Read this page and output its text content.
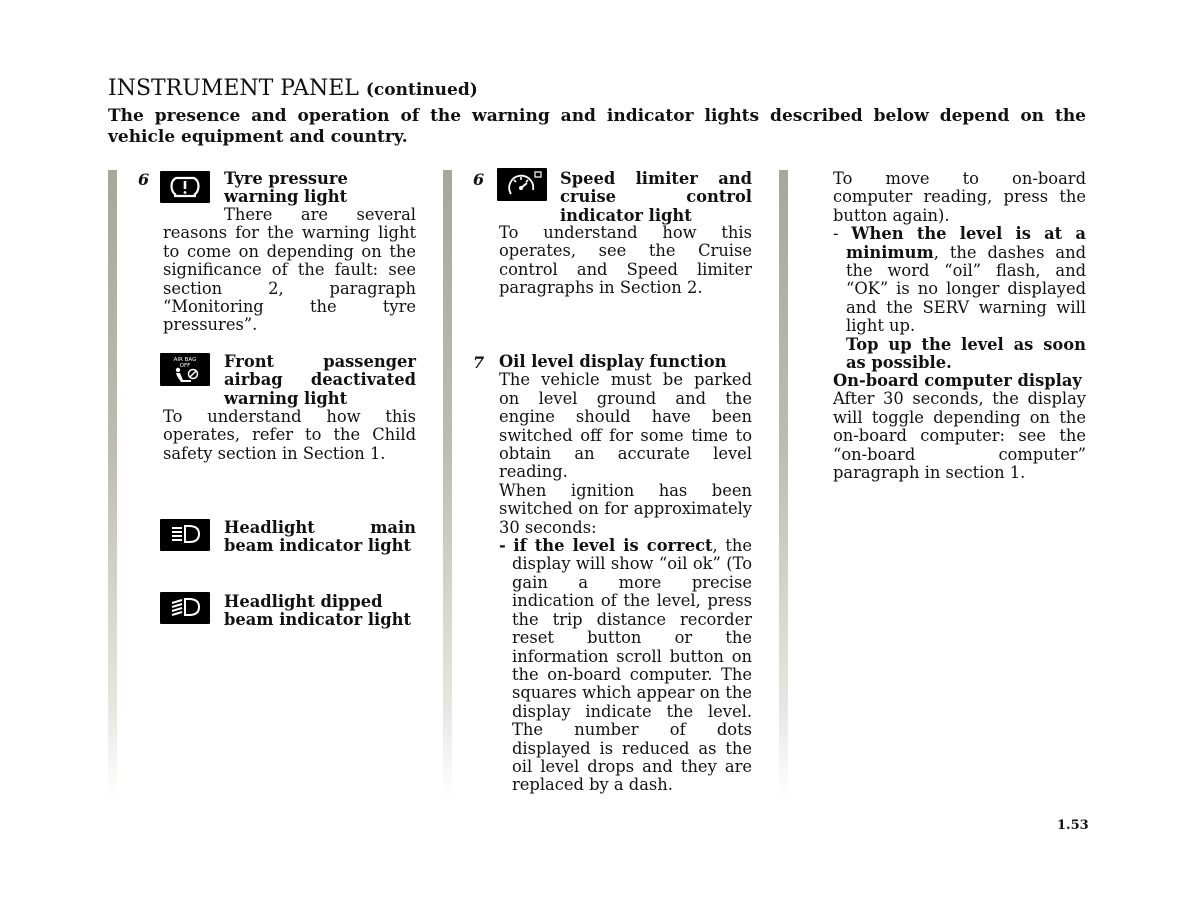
INSTRUMENT PANEL (continued)
The presence and operation of the warning and indicator lights described below depend on the vehicle equipment and country.
6	Tyre pressure warning light
There are several reasons for the warning light to come on depending on the significance of the fault: see section 2, paragraph “Monitoring the tyre pressures”.
AIR BAG
OFF Front passenger airbag deactivated warning light
To understand how this operates, refer to the Child safety section in Section 1.
Headlight main beam indicator light
Headlight dipped beam indicator light
6	Speed limiter and cruise control indicator light
To understand how this operates, see the Cruise control and Speed limiter paragraphs in Section 2.
7 Oil level display function
The vehicle must be parked on level ground and the engine should have been switched off for some time to obtain an accurate level reading.
When ignition has been switched on for approximately 30 seconds:
- if the level is correct, the display will show “oil ok” (To gain a more precise indication of the level, press the trip distance recorder reset button or the information scroll button on the on-board computer. The squares which appear on the display indicate the level. The number of dots displayed is reduced as the oil level drops and they are replaced by a dash.
To move to on-board computer reading, press the button again).
- When the level is at a minimum, the dashes and the word “oil” flash, and “OK” is no longer displayed and the SERV warning will light up.
Top up the level as soon as possible.
On-board computer display
After 30 seconds, the display will toggle depending on the on-board computer: see the “on-board computer” paragraph in section 1.
1.53
